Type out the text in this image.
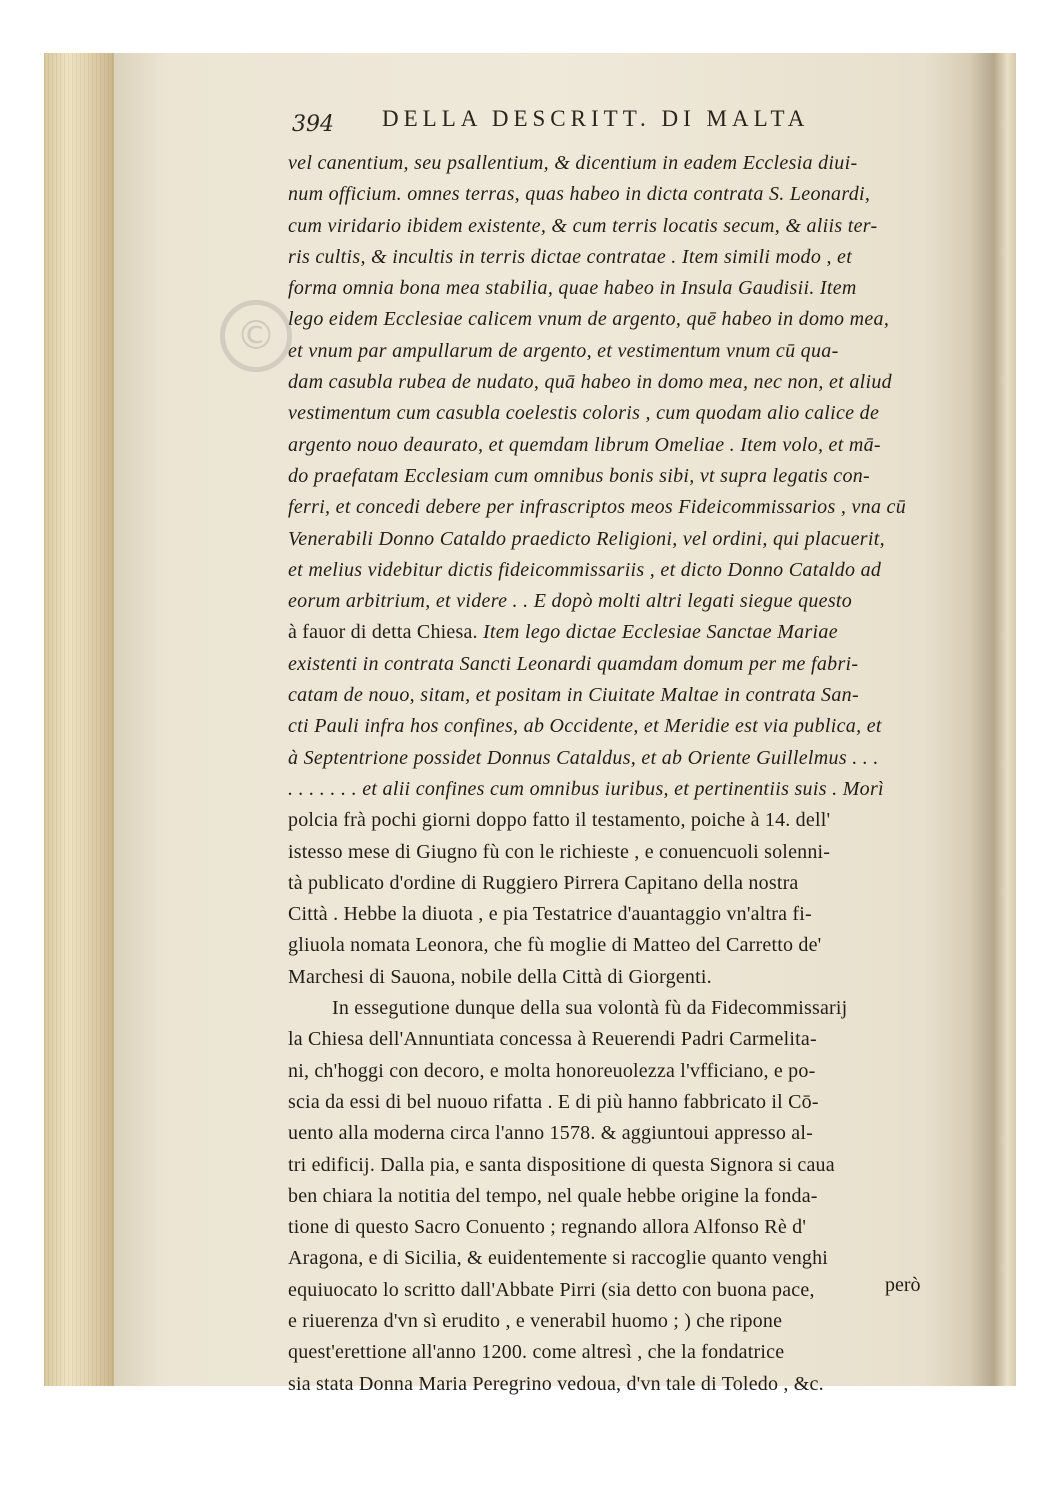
©
394 DELLA DESCRITT. DI MALTA
vel canentium, seu psallentium, & dicentium in eadem Ecclesia diui-
num officium. omnes terras, quas habeo in dicta contrata S. Leonardi,
cum viridario ibidem existente, & cum terris locatis secum, & aliis ter-
ris cultis, & incultis in terris dictae contratae . Item simili modo , et
forma omnia bona mea stabilia, quae habeo in Insula Gaudisii. Item
lego eidem Ecclesiae calicem vnum de argento, quē habeo in domo mea,
et vnum par ampullarum de argento, et vestimentum vnum cū qua-
dam casubla rubea de nudato, quā habeo in domo mea, nec non, et aliud
vestimentum cum casubla coelestis coloris , cum quodam alio calice de
argento nouo deaurato, et quemdam librum Omeliae . Item volo, et mā-
do praefatam Ecclesiam cum omnibus bonis sibi, vt supra legatis con-
ferri, et concedi debere per infrascriptos meos Fideicommissarios , vna cū
Venerabili Donno Cataldo praedicto Religioni, vel ordini, qui placuerit,
et melius videbitur dictis fideicommissariis , et dicto Donno Cataldo ad
eorum arbitrium, et videre . . E dopò molti altri legati siegue questo
à fauor di detta Chiesa. Item lego dictae Ecclesiae Sanctae Mariae
existenti in contrata Sancti Leonardi quamdam domum per me fabri-
catam de nouo, sitam, et positam in Ciuitate Maltae in contrata San-
cti Pauli infra hos confines, ab Occidente, et Meridie est via publica, et
à Septentrione possidet Donnus Cataldus, et ab Oriente Guillelmus . . .
. . . . . . . et alii confines cum omnibus iuribus, et pertinentiis suis . Morì
polcia frà pochi giorni doppo fatto il testamento, poiche à 14. dell'
istesso mese di Giugno fù con le richieste , e conuencuoli solenni-
tà publicato d'ordine di Ruggiero Pirrera Capitano della nostra
Città . Hebbe la diuota , e pia Testatrice d'auantaggio vn'altra fi-
gliuola nomata Leonora, che fù moglie di Matteo del Carretto de'
Marchesi di Sauona, nobile della Città di Giorgenti.
In essegutione dunque della sua volontà fù da Fidecommissarij
la Chiesa dell'Annuntiata concessa à Reuerendi Padri Carmelita-
ni, ch'hoggi con decoro, e molta honoreuolezza l'vfficiano, e po-
scia da essi di bel nuouo rifatta . E di più hanno fabbricato il Cō-
uento alla moderna circa l'anno 1578. & aggiuntoui appresso al-
tri edificij. Dalla pia, e santa dispositione di questa Signora si caua
ben chiara la notitia del tempo, nel quale hebbe origine la fonda-
tione di questo Sacro Conuento ; regnando allora Alfonso Rè d'
Aragona, e di Sicilia, & euidentemente si raccoglie quanto venghi
equiuocato lo scritto dall'Abbate Pirri (sia detto con buona pace,
e riuerenza d'vn sì erudito , e venerabil huomo ; ) che ripone
quest'erettione all'anno 1200. come altresì , che la fondatrice
sia stata Donna Maria Peregrino vedoua, d'vn tale di Toledo , &c.
però
